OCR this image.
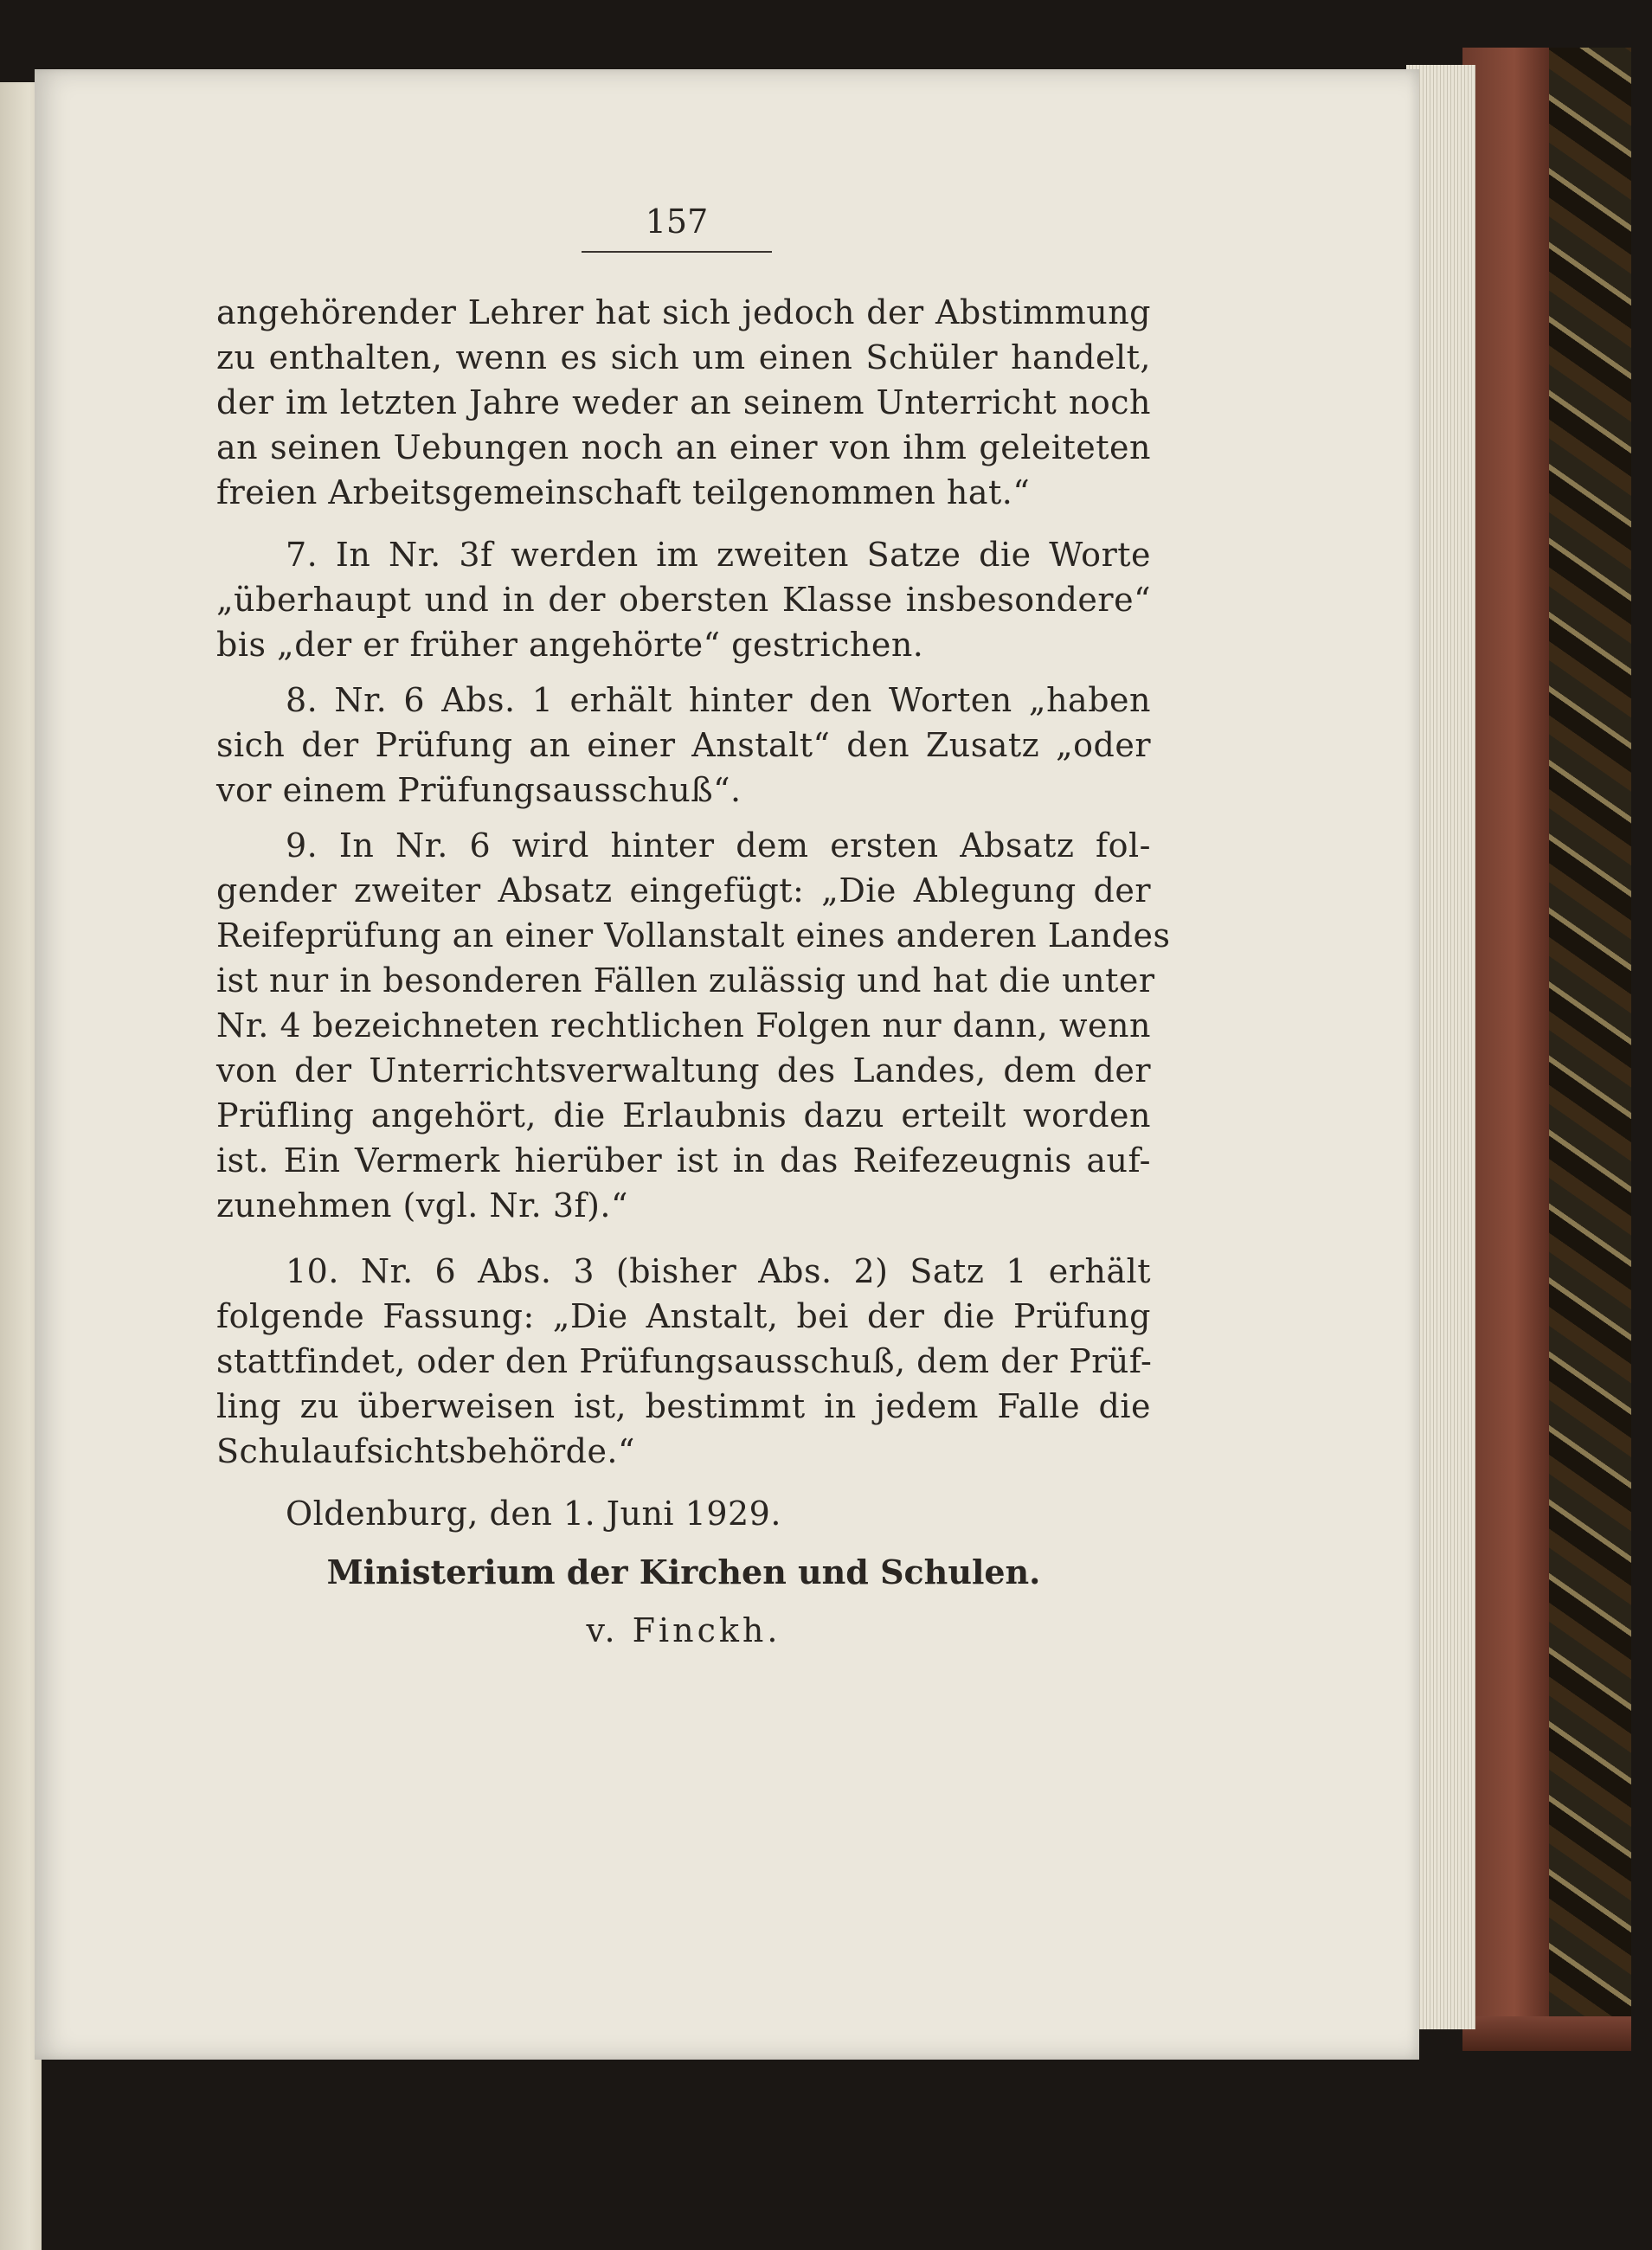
157
angehörender Lehrer hat sich jedoch der Abstimmung
zu enthalten, wenn es sich um einen Schüler handelt,
der im letzten Jahre weder an seinem Unterricht noch
an seinen Uebungen noch an einer von ihm geleiteten
freien Arbeitsgemeinschaft teilgenommen hat.“
7. In Nr. 3f werden im zweiten Satze die Worte
„überhaupt und in der obersten Klasse insbesondere“
bis „der er früher angehörte“ gestrichen.
8. Nr. 6 Abs. 1 erhält hinter den Worten „haben
sich der Prüfung an einer Anstalt“ den Zusatz „oder
vor einem Prüfungsausschuß“.
9. In Nr. 6 wird hinter dem ersten Absatz fol-
gender zweiter Absatz eingefügt: „Die Ablegung der
Reifeprüfung an einer Vollanstalt eines anderen Landes
ist nur in besonderen Fällen zulässig und hat die unter
Nr. 4 bezeichneten rechtlichen Folgen nur dann, wenn
von der Unterrichtsverwaltung des Landes, dem der
Prüfling angehört, die Erlaubnis dazu erteilt worden
ist. Ein Vermerk hierüber ist in das Reifezeugnis auf-
zunehmen (vgl. Nr. 3f).“
10. Nr. 6 Abs. 3 (bisher Abs. 2) Satz 1 erhält
folgende Fassung: „Die Anstalt, bei der die Prüfung
stattfindet, oder den Prüfungsausschuß, dem der Prüf-
ling zu überweisen ist, bestimmt in jedem Falle die
Schulaufsichtsbehörde.“
Oldenburg, den 1. Juni 1929.
Ministerium der Kirchen und Schulen.
v. Finckh.
